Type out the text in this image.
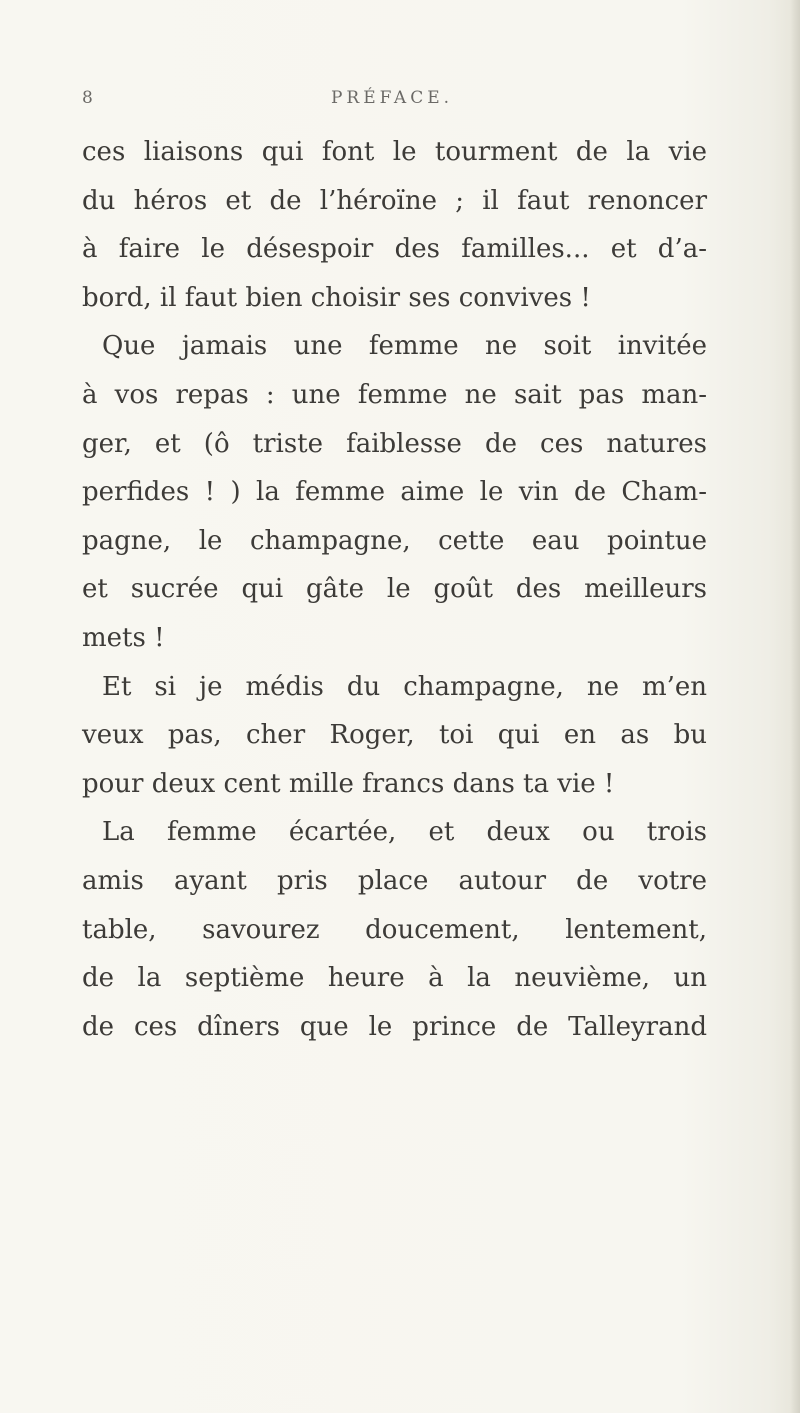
8	PRÉFACE.
ces liaisons qui font le tourment de la vie
du héros et de l’héroïne ; il faut renoncer
à faire le désespoir des familles... et d’a-
bord, il faut bien choisir ses convives !
Que jamais une femme ne soit invitée
à vos repas : une femme ne sait pas man-
ger, et (ô triste faiblesse de ces natures
perfides ! ) la femme aime le vin de Cham-
pagne, le champagne, cette eau pointue
et sucrée qui gâte le goût des meilleurs
mets !
Et si je médis du champagne, ne m’en
veux pas, cher Roger, toi qui en as bu
pour deux cent mille francs dans ta vie !
La femme écartée, et deux ou trois
amis ayant pris place autour de votre
table, savourez doucement, lentement,
de la septième heure à la neuvième, un
de ces dîners que le prince de Talleyrand
